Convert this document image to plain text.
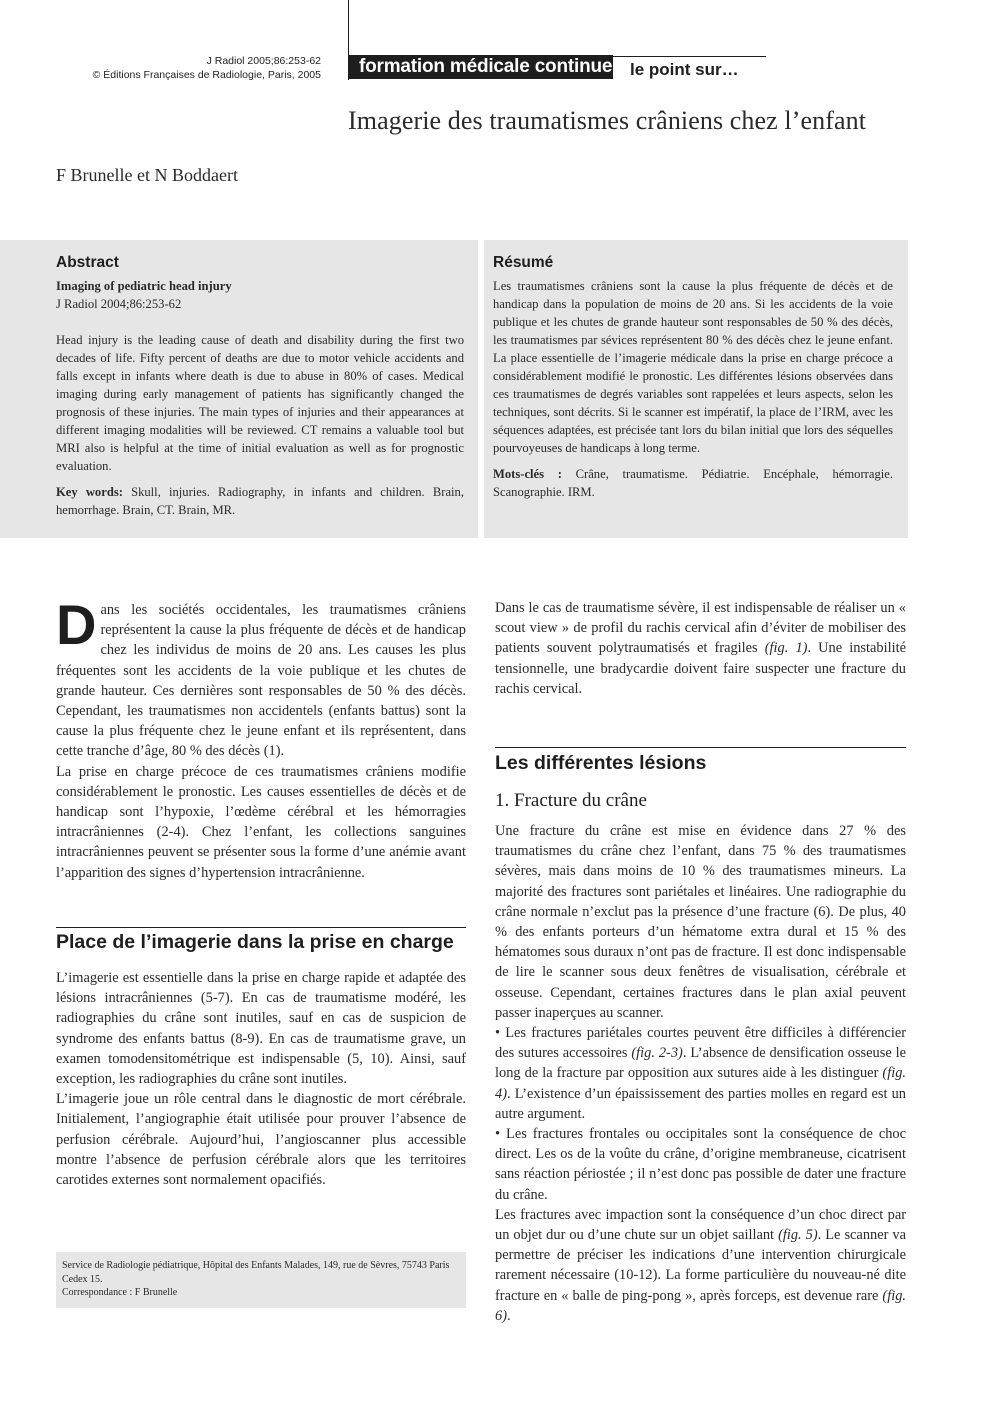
J Radiol 2005;86:253-62
© Éditions Françaises de Radiologie, Paris, 2005	formation médicale continue le point sur…
Imagerie des traumatismes crâniens chez l’enfant
F Brunelle et N Boddaert
Abstract
Imaging of pediatric head injury
J Radiol 2004;86:253-62

Head injury is the leading cause of death and disability during the first two decades of life. Fifty percent of deaths are due to motor vehicle accidents and falls except in infants where death is due to abuse in 80% of cases. Medical imaging during early management of patients has significantly changed the prognosis of these injuries. The main types of injuries and their appearances at different imaging modalities will be reviewed. CT remains a valuable tool but MRI also is helpful at the time of initial evaluation as well as for prognostic evaluation.

Key words: Skull, injuries. Radiography, in infants and children. Brain, hemorrhage. Brain, CT. Brain, MR.

Résumé

Les traumatismes crâniens sont la cause la plus fréquente de décès et de handicap dans la population de moins de 20 ans. Si les accidents de la voie publique et les chutes de grande hauteur sont responsables de 50 % des décès, les traumatismes par sévices représentent 80 % des décès chez le jeune enfant. La place essentielle de l’imagerie médicale dans la prise en charge précoce a considérablement modifié le pronostic. Les différentes lésions observées dans ces traumatismes de degrés variables sont rappelées et leurs aspects, selon les techniques, sont décrits. Si le scanner est impératif, la place de l’IRM, avec les séquences adaptées, est précisée tant lors du bilan initial que lors des séquelles pourvoyeuses de handicaps à long terme.

Mots-clés : Crâne, traumatisme. Pédiatrie. Encéphale, hémorragie. Scanographie. IRM.

D ans les sociétés occidentales, les traumatismes crâniens représentent la cause la plus fréquente de décès et de handicap chez les individus de moins de 20 ans. Les causes les plus fréquentes sont les accidents de la voie publique et les chutes de grande hauteur. Ces dernières sont responsables de 50 % des décès. Cependant, les traumatismes non accidentels (enfants battus) sont la cause la plus fréquente chez le jeune enfant et ils représentent, dans cette tranche d’âge, 80 % des décès (1).

La prise en charge précoce de ces traumatismes crâniens modifie considérablement le pronostic. Les causes essentielles de décès et de handicap sont l’hypoxie, l’œdème cérébral et les hémorragies intracrâniennes (2-4). Chez l’enfant, les collections sanguines intracrâniennes peuvent se présenter sous la forme d’une anémie avant l’apparition des signes d’hypertension intracrânienne.

Place de l’imagerie dans la prise en charge

L’imagerie est essentielle dans la prise en charge rapide et adaptée des lésions intracrâniennes (5-7). En cas de traumatisme modéré, les radiographies du crâne sont inutiles, sauf en cas de suspicion de syndrome des enfants battus (8-9). En cas de traumatisme grave, un examen tomodensitométrique est indispensable (5, 10). Ainsi, sauf exception, les radiographies du crâne sont inutiles.

L’imagerie joue un rôle central dans le diagnostic de mort cérébrale. Initialement, l’angiographie était utilisée pour prouver l’absence de perfusion cérébrale. Aujourd’hui, l’angioscanner plus accessible montre l’absence de perfusion cérébrale alors que les territoires carotides externes sont normalement opacifiés.

Service de Radiologie pédiatrique, Hôpital des Enfants Malades, 149, rue de Sèvres, 75743 Paris Cedex 15.
Correspondance : F Brunelle

Dans le cas de traumatisme sévère, il est indispensable de réaliser un « scout view » de profil du rachis cervical afin d’éviter de mobiliser des patients souvent polytraumatisés et fragiles (fig. 1). Une instabilité tensionnelle, une bradycardie doivent faire suspecter une fracture du rachis cervical.

Les différentes lésions
1. Fracture du crâne

Une fracture du crâne est mise en évidence dans 27 % des traumatismes du crâne chez l’enfant, dans 75 % des traumatismes sévères, mais dans moins de 10 % des traumatismes mineurs. La majorité des fractures sont pariétales et linéaires. Une radiographie du crâne normale n’exclut pas la présence d’une fracture (6). De plus, 40 % des enfants porteurs d’un hématome extra dural et 15 % des hématomes sous duraux n’ont pas de fracture. Il est donc indispensable de lire le scanner sous deux fenêtres de visualisation, cérébrale et osseuse. Cependant, certaines fractures dans le plan axial peuvent passer inaperçues au scanner.

• Les fractures pariétales courtes peuvent être difficiles à différencier des sutures accessoires (fig. 2-3). L’absence de densification osseuse le long de la fracture par opposition aux sutures aide à les distinguer (fig. 4). L’existence d’un épaississement des parties molles en regard est un autre argument.

• Les fractures frontales ou occipitales sont la conséquence de choc direct. Les os de la voûte du crâne, d’origine membraneuse, cicatrisent sans réaction périostée ; il n’est donc pas possible de dater une fracture du crâne.

Les fractures avec impaction sont la conséquence d’un choc direct par un objet dur ou d’une chute sur un objet saillant (fig. 5). Le scanner va permettre de préciser les indications d’une intervention chirurgicale rarement nécessaire (10-12). La forme particulière du nouveau-né dite fracture en « balle de ping-pong », après forceps, est devenue rare (fig. 6).
